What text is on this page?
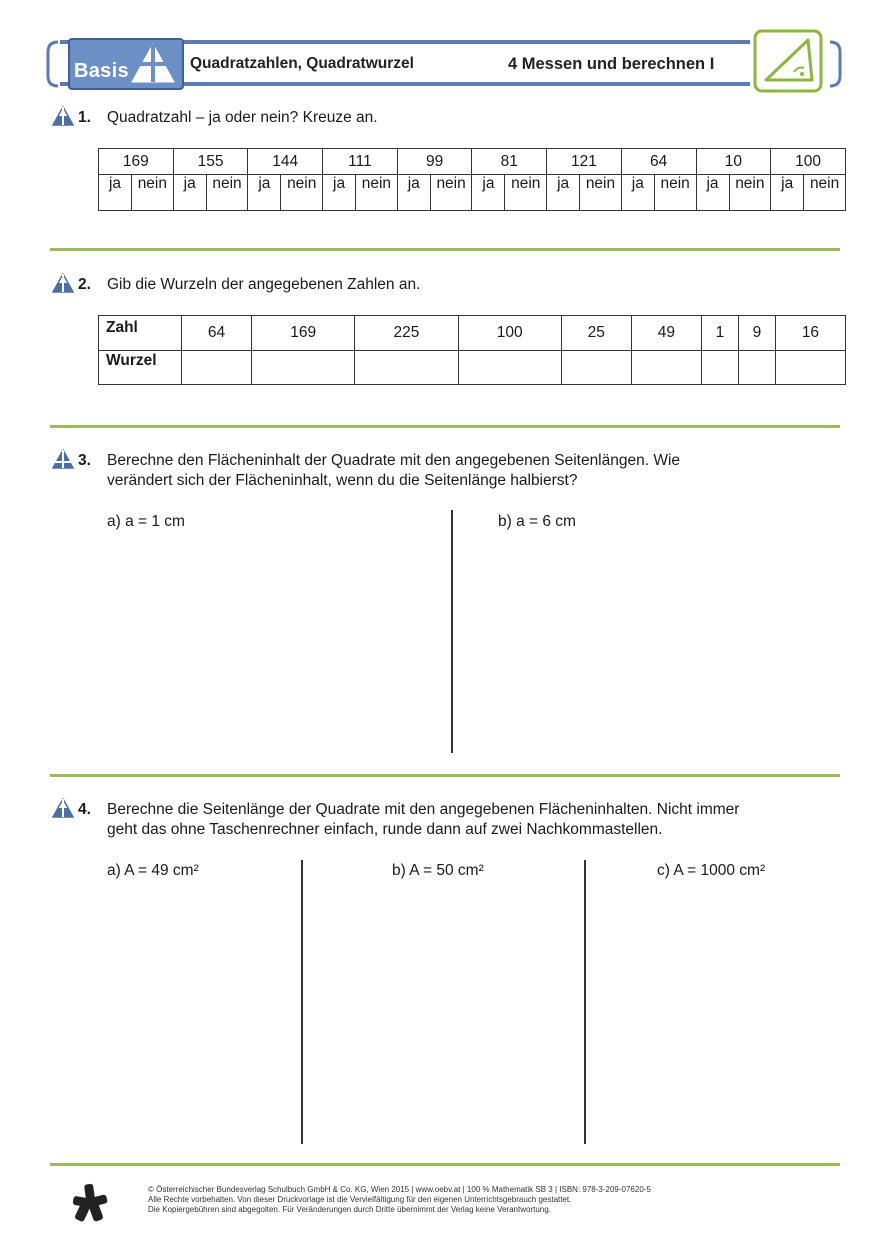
Basis	Quadratzahlen, Quadratwurzel	4 Messen und berechnen I
1. Quadratzahl – ja oder nein? Kreuze an.
169		155		144		111		99		81		121		64		10		100	
ja	nein	ja	nein	ja	nein	ja	nein	ja	nein	ja	nein	ja	nein	ja	nein	ja	nein	ja	nein

2. Gib die Wurzeln der angegebenen Zahlen an.
Zahl	64	169	225	100	25	49	1	9	16
Wurzel									
3. Berechne den Flächeninhalt der Quadrate mit den angegebenen Seitenlängen. Wie
verändert sich der Flächeninhalt, wenn du die Seitenlänge halbierst?
a) a = 1 cm	b) a = 6 cm
4. Berechne die Seitenlänge der Quadrate mit den angegebenen Flächeninhalten. Nicht immer
geht das ohne Taschenrechner einfach, runde dann auf zwei Nachkommastellen.
a) A = 49 cm²	b) A = 50 cm²	c) A = 1000 cm²
© Österreichischer Bundesverlag Schulbuch GmbH & Co. KG, Wien 2015 | www.oebv.at | 100 % Mathematik SB 3 | ISBN: 978-3-209-07620-5
Alle Rechte vorbehalten. Von dieser Druckvorlage ist die Vervielfältigung für den eigenen Unterrichtsgebrauch gestattet.
Die Kopiergebühren sind abgegolten. Für Veränderungen durch Dritte übernimmt der Verlag keine Verantwortung.
